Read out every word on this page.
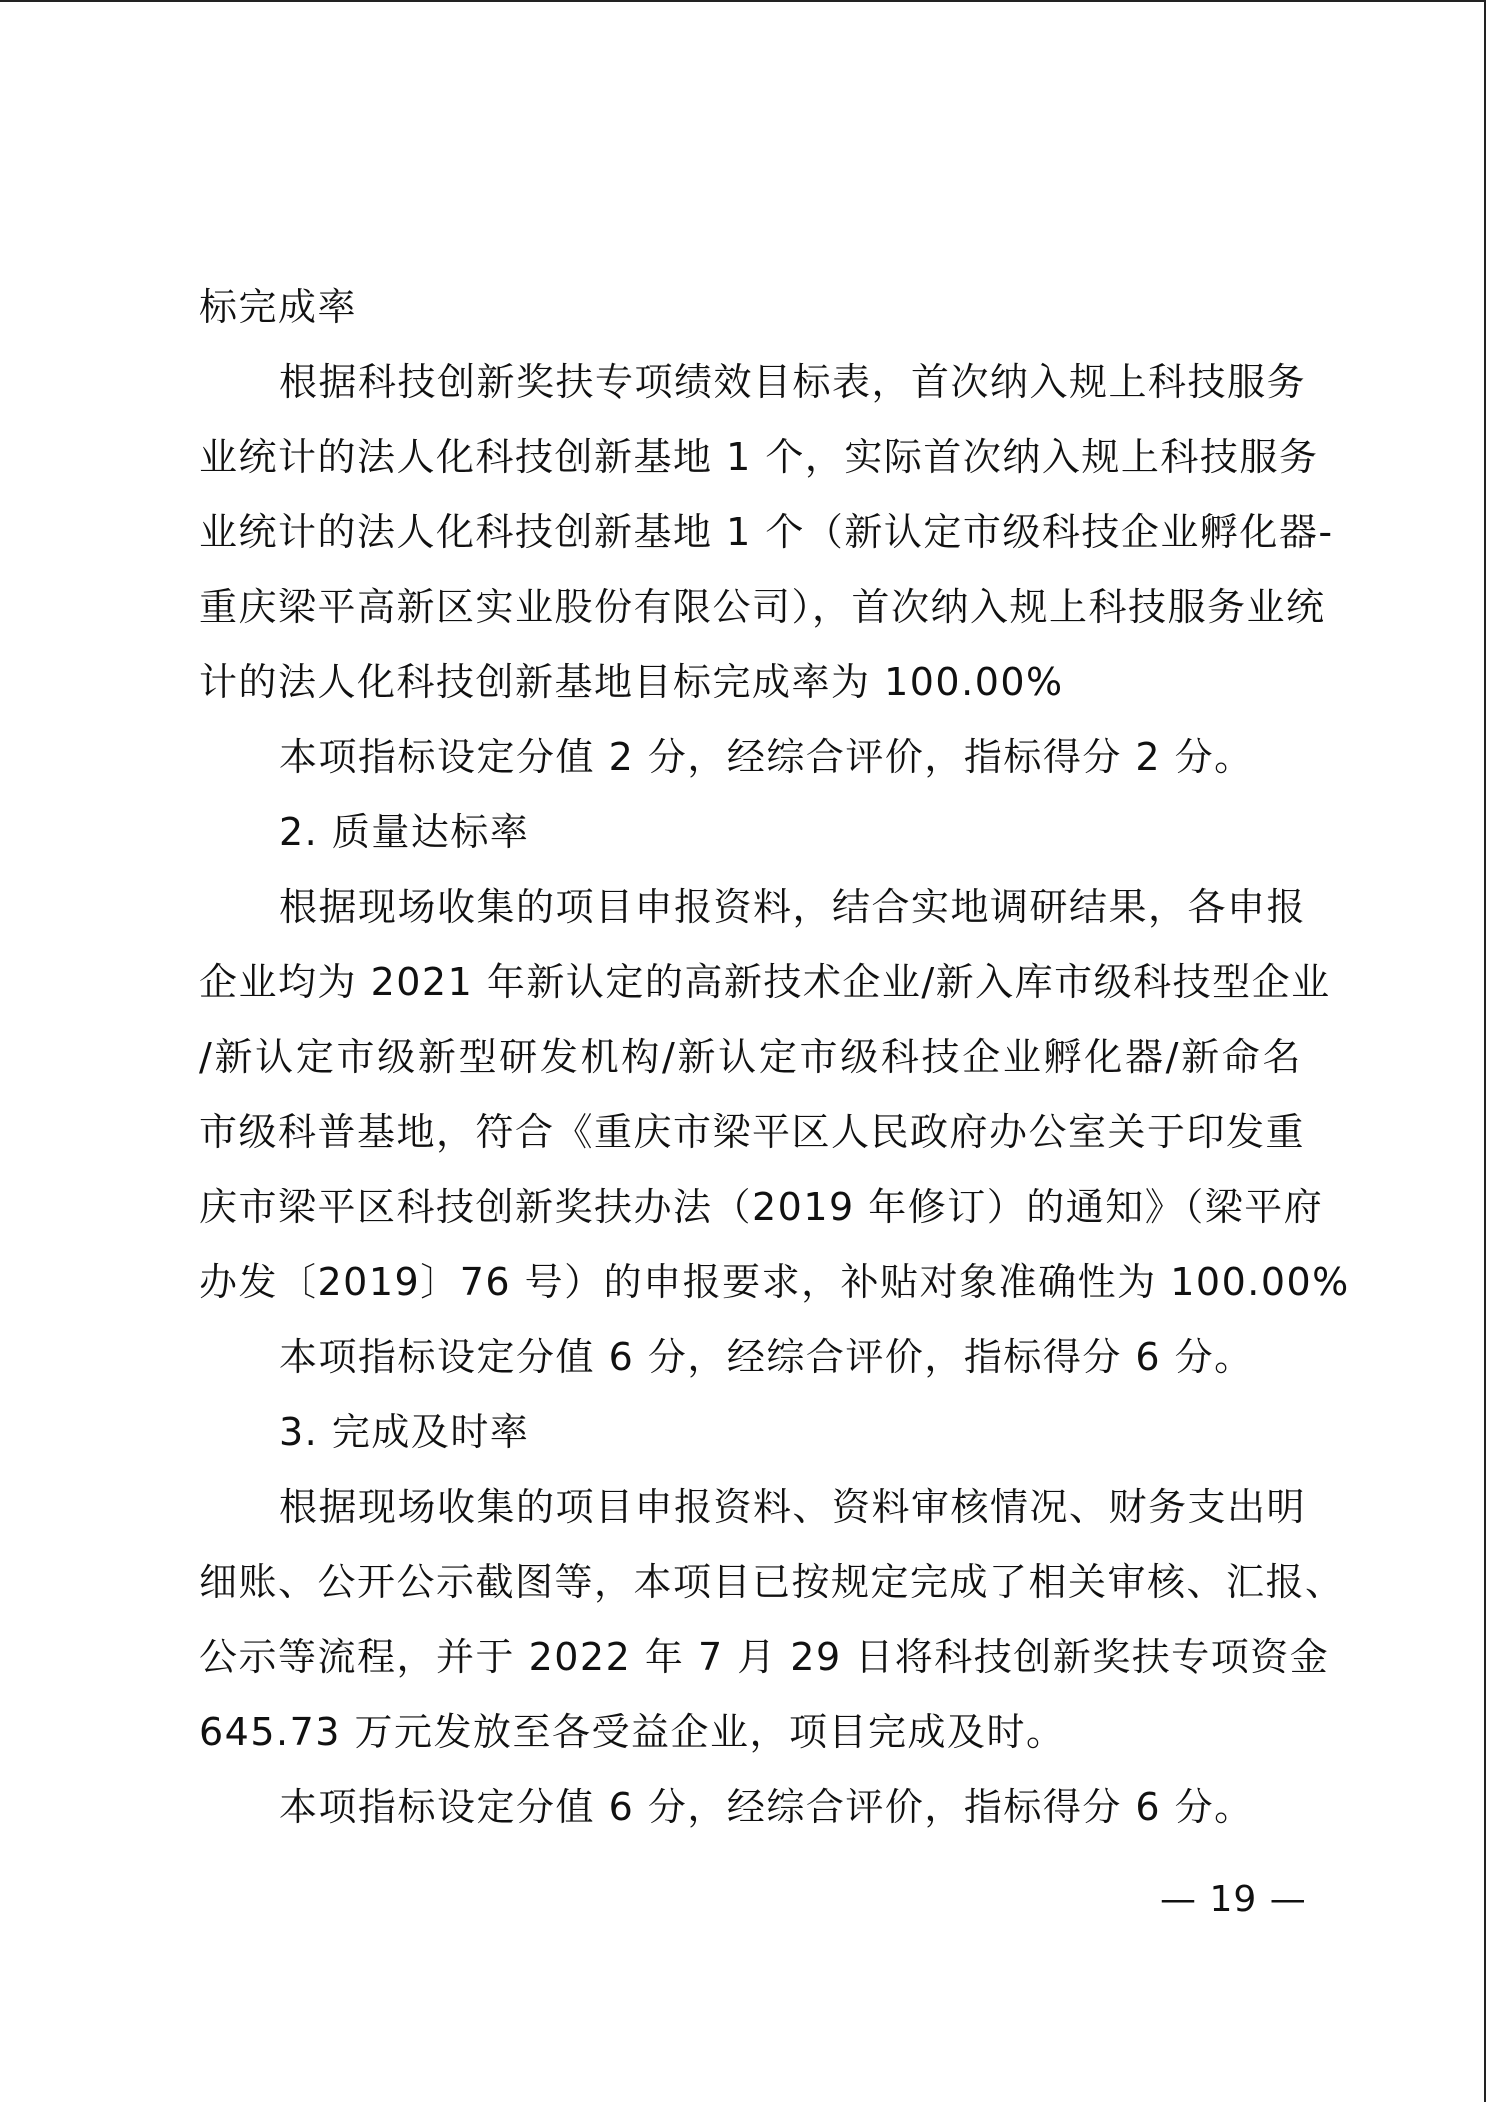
标完成率
根据科技创新奖扶专项绩效目标表，首次纳入规上科技服务
业统计的法人化科技创新基地 1 个，实际首次纳入规上科技服务
业统计的法人化科技创新基地 1 个（新认定市级科技企业孵化器-
重庆梁平高新区实业股份有限公司），首次纳入规上科技服务业统
计的法人化科技创新基地目标完成率为 100.00%
本项指标设定分值 2 分，经综合评价，指标得分 2 分。
2. 质量达标率
根据现场收集的项目申报资料，结合实地调研结果，各申报
企业均为 2021 年新认定的高新技术企业/新入库市级科技型企业
/新认定市级新型研发机构/新认定市级科技企业孵化器/新命名
市级科普基地，符合《重庆市梁平区人民政府办公室关于印发重
庆市梁平区科技创新奖扶办法（2019 年修订）的通知》（梁平府
办发〔2019〕76 号）的申报要求，补贴对象准确性为 100.00%
本项指标设定分值 6 分，经综合评价，指标得分 6 分。
3. 完成及时率
根据现场收集的项目申报资料、资料审核情况、财务支出明
细账、公开公示截图等，本项目已按规定完成了相关审核、汇报、
公示等流程，并于 2022 年 7 月 29 日将科技创新奖扶专项资金
645.73 万元发放至各受益企业，项目完成及时。
本项指标设定分值 6 分，经综合评价，指标得分 6 分。
— 19 —
